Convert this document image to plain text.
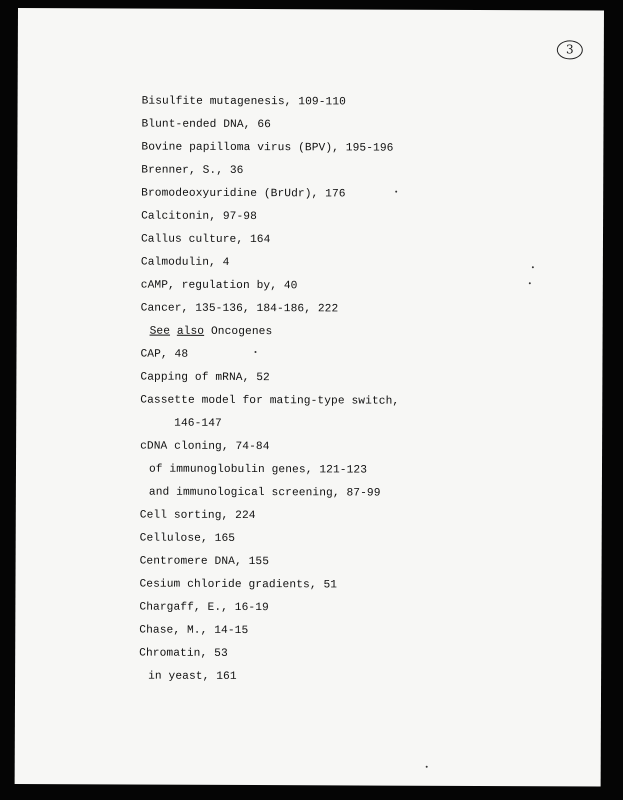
3
Bisulfite mutagenesis, 109-110
Blunt-ended DNA, 66
Bovine papilloma virus (BPV), 195-196
Brenner, S., 36
Bromodeoxyuridine (BrUdr), 176
Calcitonin, 97-98
Callus culture, 164
Calmodulin, 4
cAMP, regulation by, 40
Cancer, 135-136, 184-186, 222
See also Oncogenes
CAP, 48
Capping of mRNA, 52
Cassette model for mating-type switch,
146-147
cDNA cloning, 74-84
of immunoglobulin genes, 121-123
and immunological screening, 87-99
Cell sorting, 224
Cellulose, 165
Centromere DNA, 155
Cesium chloride gradients, 51
Chargaff, E., 16-19
Chase, M., 14-15
Chromatin, 53
in yeast, 161
